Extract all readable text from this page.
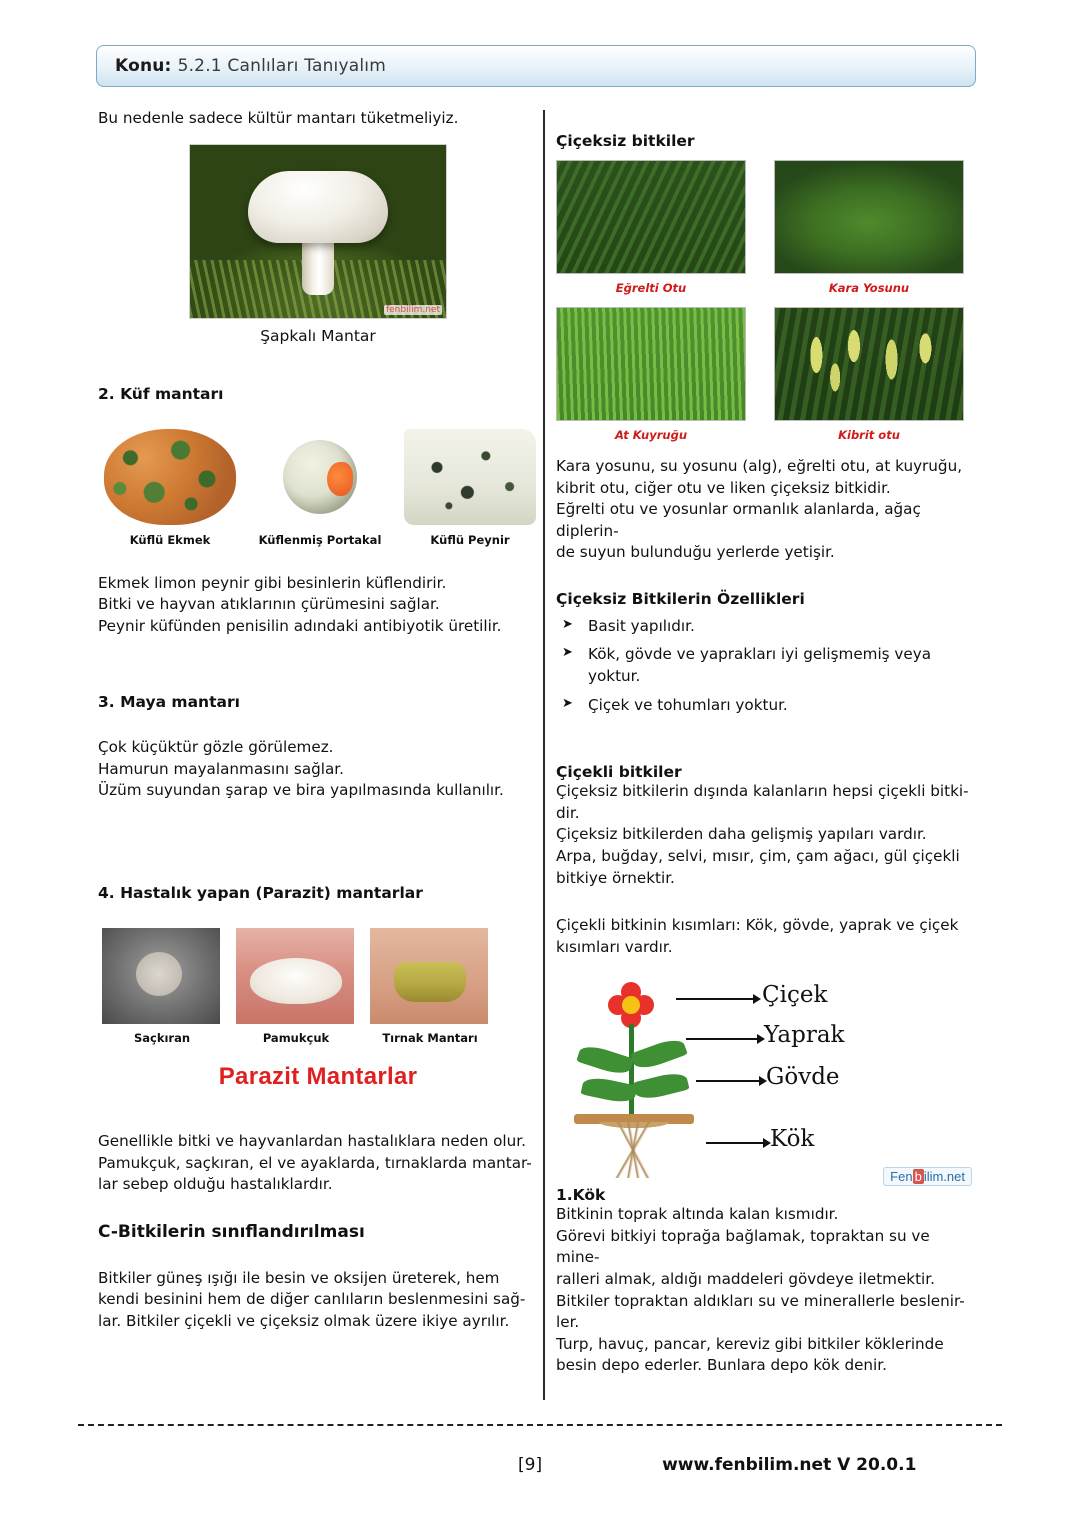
Konu: 5.2.1 Canlıları Tanıyalım

Bu nedenle sadece kültür mantarı tüketmeliyiz.

fenbilim.net
Şapkalı Mantar
2. Küf mantarı
Küflü Ekmek	Küflenmiş Portakal	Küflü Peynir

Ekmek limon peynir gibi besinlerin küflendirir.

Bitki ve hayvan atıklarının çürümesini sağlar.

Peynir küfünden penisilin adındaki antibiyotik üretilir.

3. Maya mantarı

Çok küçüktür gözle görülemez.

Hamurun mayalanmasını sağlar.

Üzüm suyundan şarap ve bira yapılmasında kullanılır.

4. Hastalık yapan (Parazit) mantarlar
Saçkıran	Pamukçuk	Tırnak Mantarı
Parazit Mantarlar

Genellikle bitki ve hayvanlardan hastalıklara neden olur.

Pamukçuk, saçkıran, el ve ayaklarda, tırnaklarda mantar-

lar sebep olduğu hastalıklardır.

C-Bitkilerin sınıflandırılması

Bitkiler güneş ışığı ile besin ve oksijen üreterek, hem

kendi besinini hem de diğer canlıların beslenmesini sağ-

lar. Bitkiler çiçekli ve çiçeksiz olmak üzere ikiye ayrılır.

Çiçeksiz bitkiler
Eğrelti Otu	Kara Yosunu
At Kuyruğu	Kibrit otu

Kara yosunu, su yosunu (alg), eğrelti otu, at kuyruğu,

kibrit otu, ciğer otu ve liken çiçeksiz bitkidir.

Eğrelti otu ve yosunlar ormanlık alanlarda, ağaç diplerin-

de suyun bulunduğu yerlerde yetişir.

Çiçeksiz Bitkilerin Özellikleri
➤ Basit yapılıdır.
➤ Kök, gövde ve yaprakları iyi gelişmemiş veya yoktur.
➤ Çiçek ve tohumları yoktur.
Çiçekli bitkiler

Çiçeksiz bitkilerin dışında kalanların hepsi çiçekli bitki-

dir.

Çiçeksiz bitkilerden daha gelişmiş yapıları vardır.

Arpa, buğday, selvi, mısır, çim, çam ağacı, gül çiçekli

bitkiye örnektir.

Çiçekli bitkinin kısımları: Kök, gövde, yaprak ve çiçek

kısımları vardır.

Çiçek
Yaprak
Gövde
Kök
Fen b ilim.net
1.Kök

Bitkinin toprak altında kalan kısmıdır.

Görevi bitkiyi toprağa bağlamak, topraktan su ve mine-

ralleri almak, aldığı maddeleri gövdeye iletmektir.

Bitkiler topraktan aldıkları su ve minerallerle beslenir-

ler.

Turp, havuç, pancar, kereviz gibi bitkiler köklerinde

besin depo ederler. Bunlara depo kök denir.

[9]	www.fenbilim.net V 20.0.1
